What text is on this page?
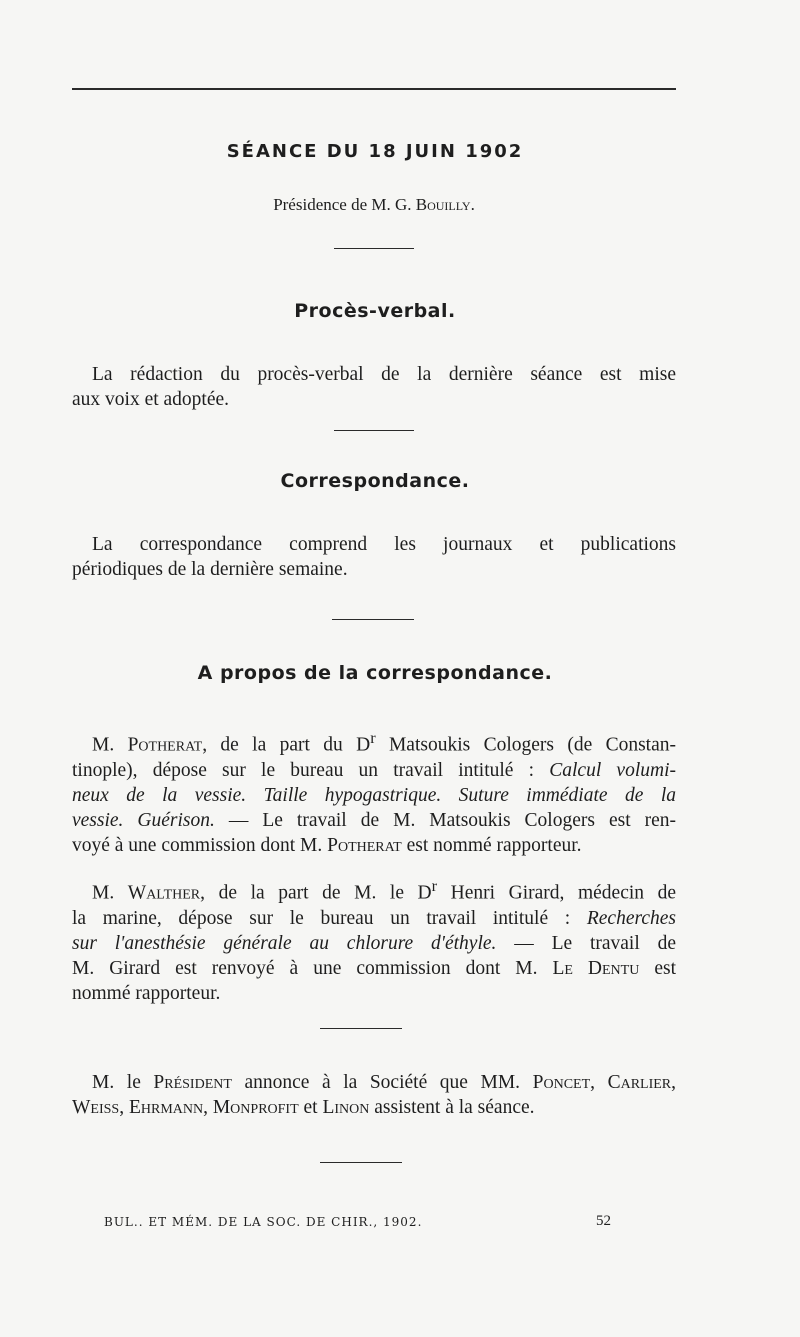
SÉANCE DU 18 JUIN 1902

Présidence de M. G. Bouilly.

Procès-verbal.
La rédaction du procès-verbal de la dernière séance est mise
aux voix et adoptée.
Correspondance.
La correspondance comprend les journaux et publications
périodiques de la dernière semaine.
A propos de la correspondance.
M. Potherat, de la part du $D^r$ Matsoukis Cologers (de Constan-
tinople), dépose sur le bureau un travail intitulé : Calcul volumi-
neux de la vessie. Taille hypogastrique. Suture immédiate de la
vessie. Guérison. — Le travail de M. Matsoukis Cologers est ren-
voyé à une commission dont M. Potherat est nommé rapporteur.
M. Walther, de la part de M. le $D^r$ Henri Girard, médecin de
la marine, dépose sur le bureau un travail intitulé : Recherches
sur l'anesthésie générale au chlorure d'éthyle. — Le travail de
M. Girard est renvoyé à une commission dont M. Le Dentu est
nommé rapporteur.
M. le Président annonce à la Société que MM. Poncet, Carlier,
Weiss, Ehrmann, Monprofit et Linon assistent à la séance.

BUL.. ET MÉM. DE LA SOC. DE CHIR., 1902.	52
